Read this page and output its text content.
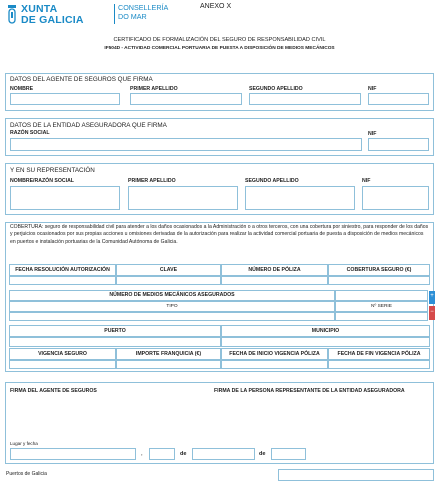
XUNTA
DE GALICIA
CONSELLERÍA
DO MAR
ANEXO X
CERTIFICADO DE FORMALIZACIÓN DEL SEGURO DE RESPONSABILIDAD CIVIL
IF504D - ACTIVIDAD COMERCIAL PORTUARIA DE PUESTA A DISPOSICIÓN DE MEDIOS MECÁNICOS
DATOS DEL AGENTE DE SEGUROS QUE FIRMA
NOMBRE	PRIMER APELLIDO	SEGUNDO APELLIDO	NIF
DATOS DE LA ENTIDAD ASEGURADORA QUE FIRMA
RAZÓN SOCIAL	NIF
Y EN SU REPRESENTACIÓN
NOMBRE/RAZÓN SOCIAL	PRIMER APELLIDO	SEGUNDO APELLIDO	NIF
COBERTURA: seguro de responsabilidad civil para atender a los daños ocasionados a la Administración o a otros terceros, con una cobertura por siniestro, para responder de los daños y perjuicios ocasionados por sus propias acciones u omisiones derivadas de la autorización para realizar la actividad comercial portuaria de puesta a disposición de medios mecánicos en puertos e instalación portuarias de la Comunidad Autónoma de Galicia.
FECHA RESOLUCIÓN AUTORIZACIÓN	CLAVE	NÚMERO DE PÓLIZA	COBERTURA SEGURO (€)
NÚMERO DE MEDIOS MECÁNICOS ASEGURADOS
TIPO	Nº SERIE
+
−
PUERTO	MUNICIPIO
VIGENCIA SEGURO	IMPORTE FRANQUICIA (€)	FECHA DE INICIO VIGENCIA PÓLIZA	FECHA DE FIN VIGENCIA PÓLIZA
FIRMA DEL AGENTE DE SEGUROS	FIRMA DE LA PERSONA REPRESENTANTE DE LA ENTIDAD ASEGURADORA
Lugar y fecha
,	de	de
Puertos de Galicia
